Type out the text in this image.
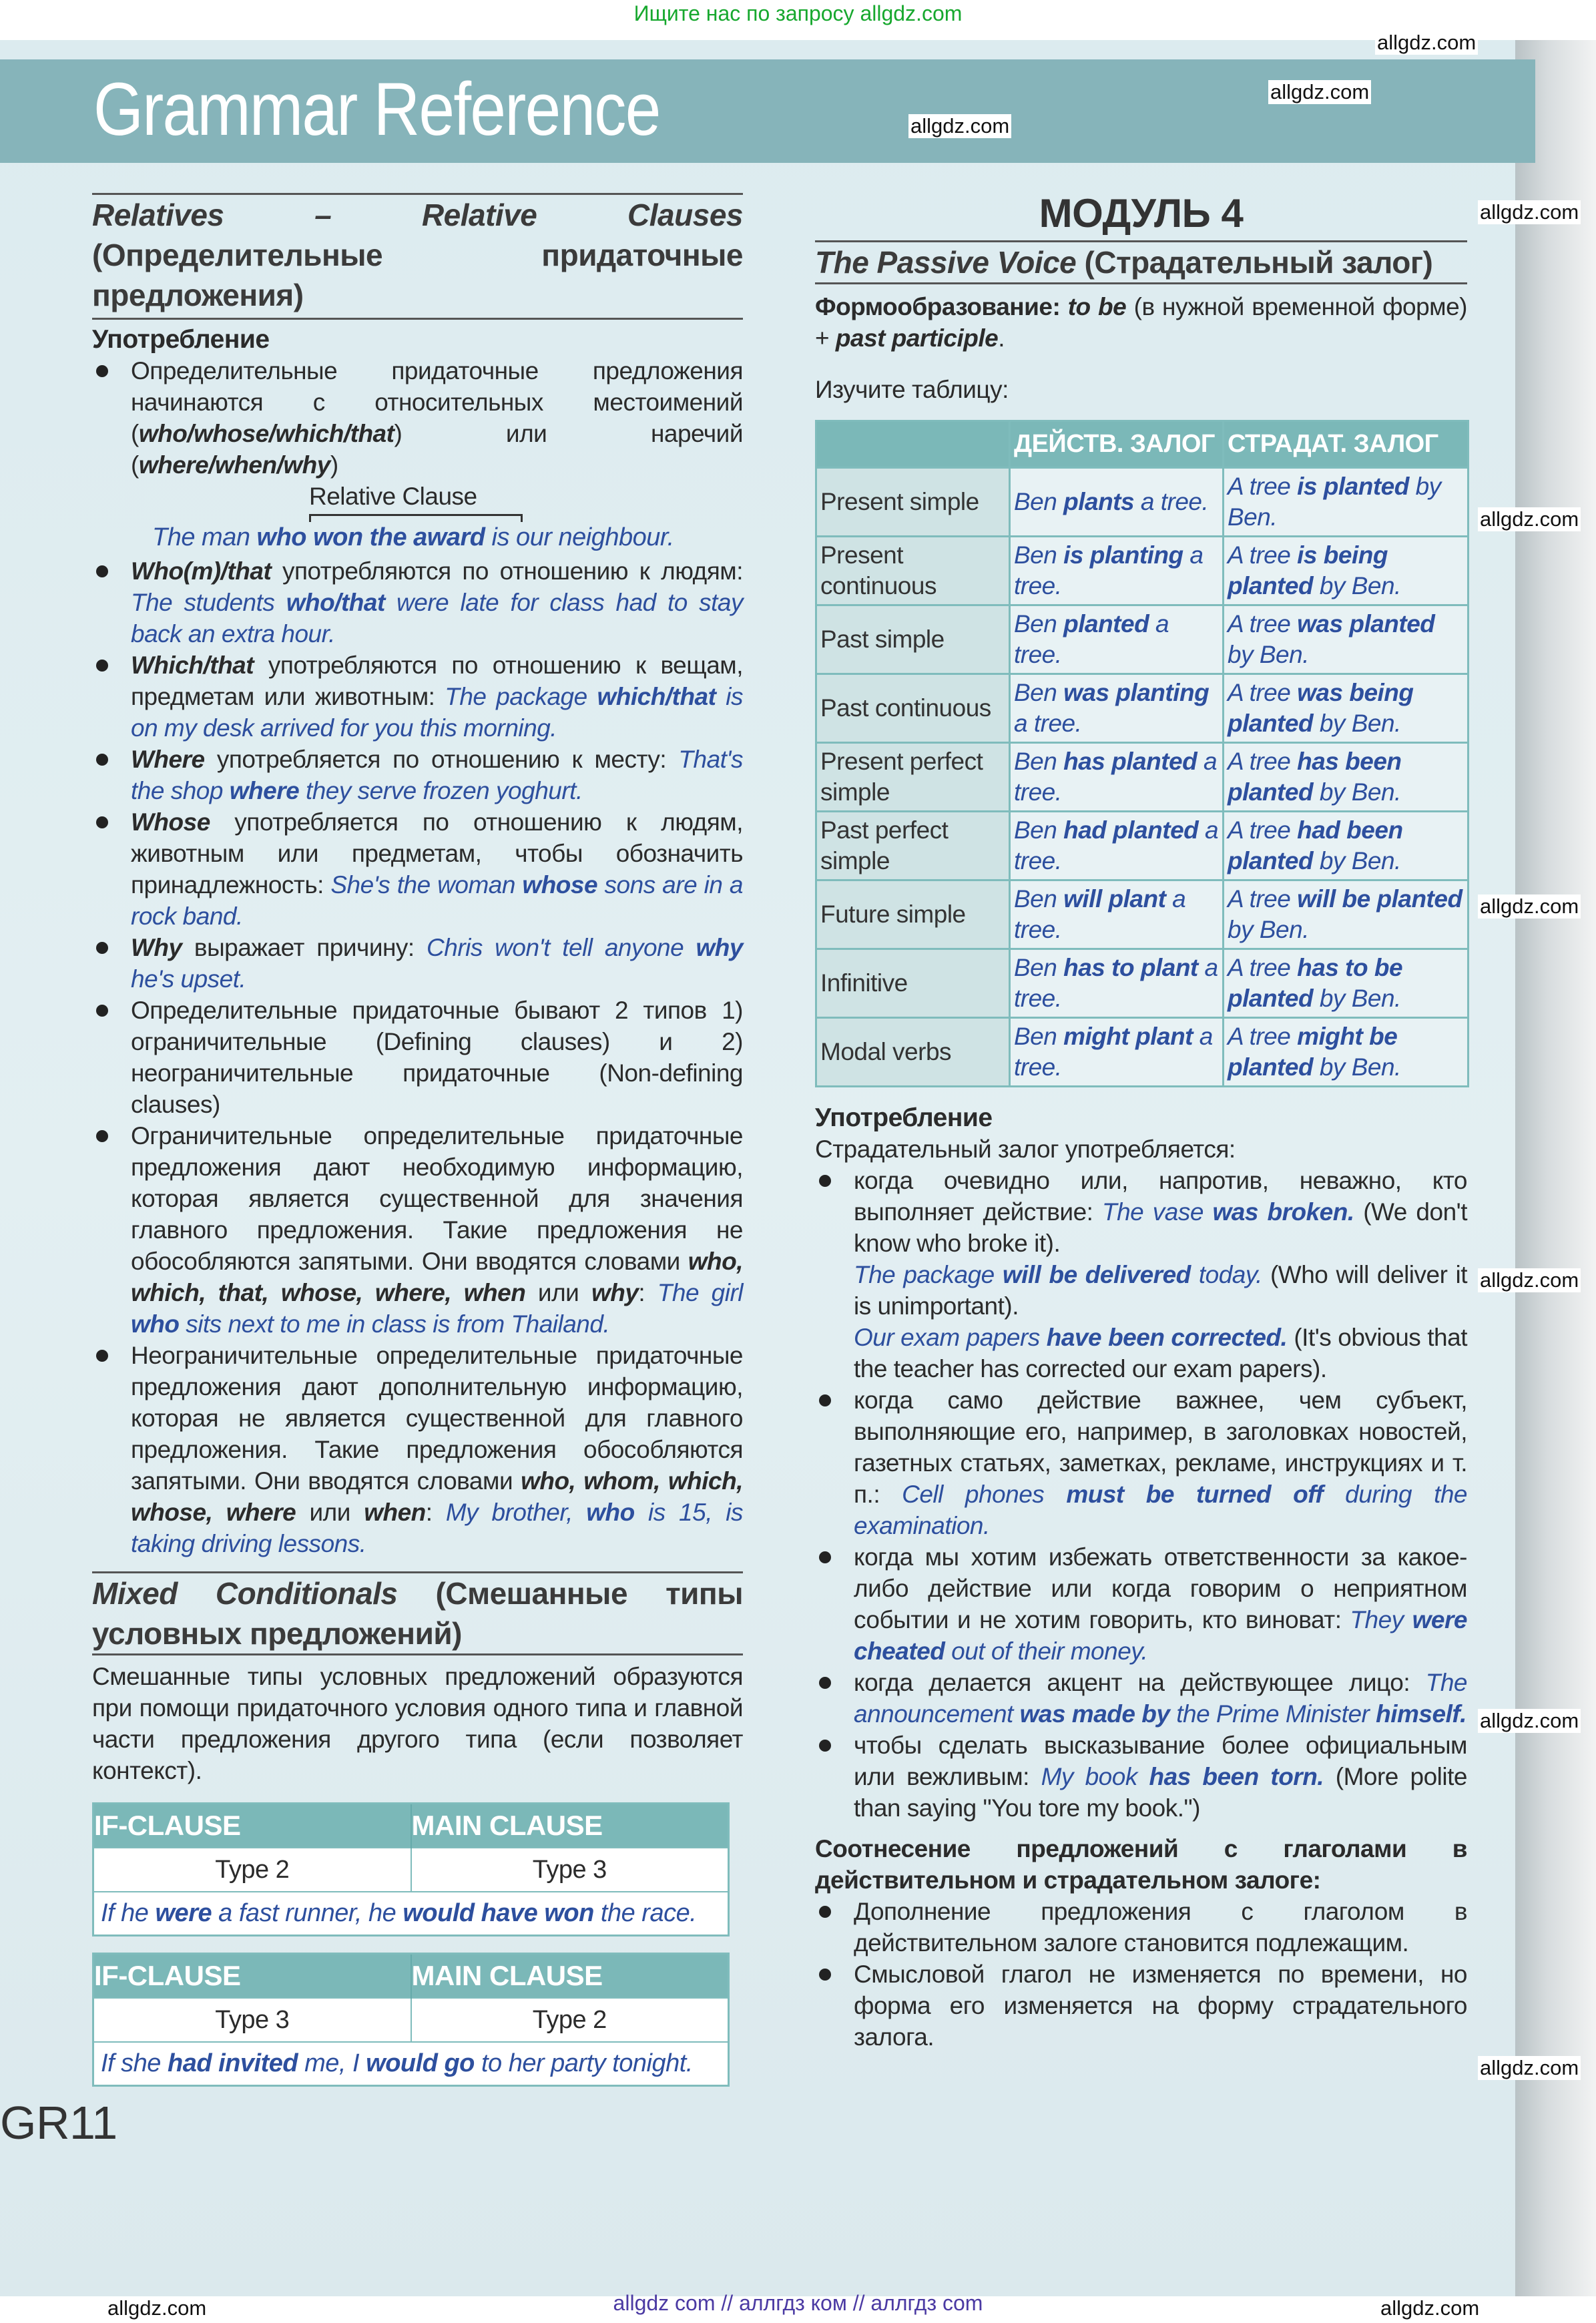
Ищите нас по запросу allgdz.com
Grammar Reference
Relatives – Relative Clauses (Определительные придаточные предложения)
Употребление
Определительные придаточные предложения начинаются с относительных местоимений (who/whose/which/that) или наречий (where/when/why)
Relative Clause
The man who won the award is our neighbour.
Who(m)/that употребляются по отношению к людям: The students who/that were late for class had to stay back an extra hour.
Which/that употребляются по отношению к вещам, предметам или животным: The package which/that is on my desk arrived for you this morning.
Where употребляется по отношению к месту: That's the shop where they serve frozen yoghurt.
Whose употребляется по отношению к людям, животным или предметам, чтобы обозначить принадлежность: She's the woman whose sons are in a rock band.
Why выражает причину: Chris won't tell anyone why he's upset.
Определительные придаточные бывают 2 типов 1) ограничительные (Defining clauses) и 2) неограничительные придаточные (Non-defining clauses)
Ограничительные определительные придаточные предложения дают необходимую информацию, которая является существенной для значения главного предложения. Такие предложения не обособляются запятыми. Они вводятся словами who, which, that, whose, where, when или why: The girl who sits next to me in class is from Thailand.
Неограничительные определительные придаточные предложения дают дополнительную информацию, которая не является существенной для главного предложения. Такие предложения обособляются запятыми. Они вводятся словами who, whom, which, whose, where или when: My brother, who is 15, is taking driving lessons.
Mixed Conditionals (Смешанные типы условных предложений)
Смешанные типы условных предложений образуются при помощи придаточного условия одного типа и главной части предложения другого типа (если позволяет контекст).
IF-CLAUSE	MAIN CLAUSE
Type 2	Type 3
If he were a fast runner, he would have won the race.	
IF-CLAUSE	MAIN CLAUSE
Type 3	Type 2
If she had invited me, I would go to her party tonight.	
GR11
МОДУЛЬ 4
The Passive Voice (Страдательный залог)
Формообразование: to be (в нужной временной форме) + past participle.
Изучите таблицу:
	ДЕЙСТВ. ЗАЛОГ	СТРАДАТ. ЗАЛОГ
Present simple	Ben plants a tree.	A tree is planted by Ben.
Present continuous	Ben is planting a tree.	A tree is being planted by Ben.
Past simple	Ben planted a tree.	A tree was planted by Ben.
Past continuous	Ben was planting a tree.	A tree was being planted by Ben.
Present perfect simple	Ben has planted a tree.	A tree has been planted by Ben.
Past perfect simple	Ben had planted a tree.	A tree had been planted by Ben.
Future simple	Ben will plant a tree.	A tree will be planted by Ben.
Infinitive	Ben has to plant a tree.	A tree has to be planted by Ben.
Modal verbs	Ben might plant a tree.	A tree might be planted by Ben.
Употребление
Страдательный залог употребляется:
когда очевидно или, напротив, неважно, кто выполняет действие: The vase was broken. (We don't know who broke it).
The package will be delivered today. (Who will deliver it is unimportant).
Our exam papers have been corrected. (It's obvious that the teacher has corrected our exam papers).
когда само действие важнее, чем субъект, выполняющие его, например, в заголовках новостей, газетных статьях, заметках, рекламе, инструкциях и т. п.: Cell phones must be turned off during the examination.
когда мы хотим избежать ответственности за какое-либо действие или когда говорим о неприятном событии и не хотим говорить, кто виноват: They were cheated out of their money.
когда делается акцент на действующее лицо: The announcement was made by the Prime Minister himself.
чтобы сделать высказывание более официальным или вежливым: My book has been torn. (More polite than saying "You tore my book.")
Соотнесение предложений с глаголами в действительном и страдательном залоге:
Дополнение предложения с глаголом в действительном залоге становится подлежащим.
Смысловой глагол не изменяется по времени, но форма его изменяется на форму страдательного залога.
allgdz com // аллгдз ком // аллгдз com
allgdz.com
allgdz.com
allgdz.com
allgdz.com
allgdz.com
allgdz.com
allgdz.com
allgdz.com
allgdz.com
allgdz.com	allgdz.com
